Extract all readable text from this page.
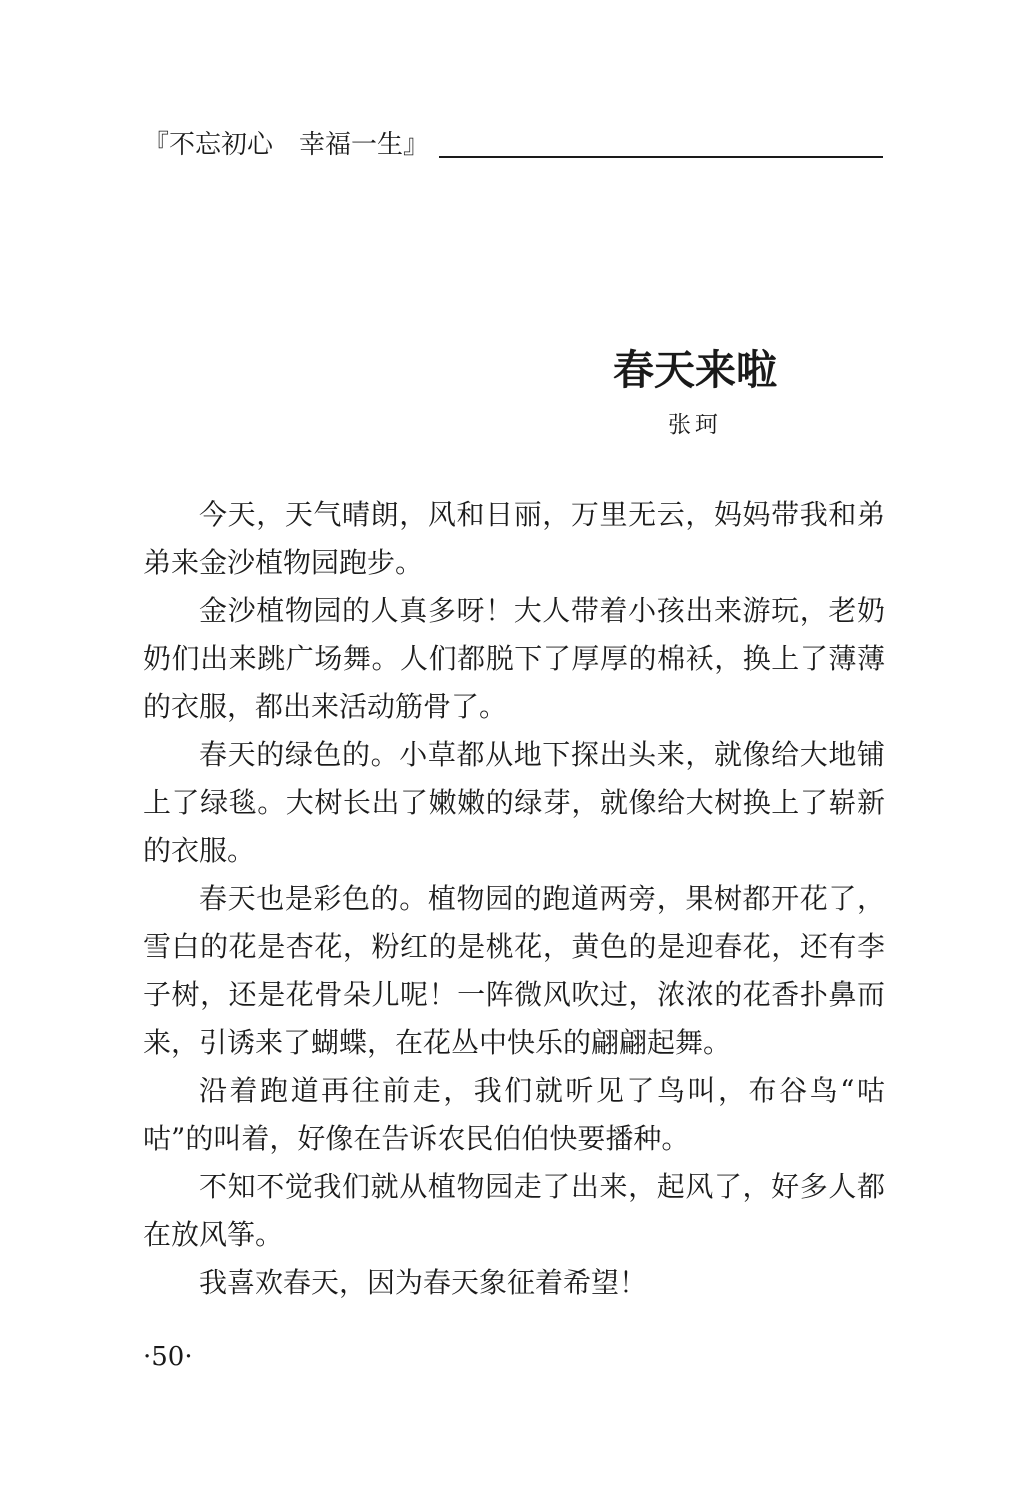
『不忘初心　幸福一生』
春天来啦
张珂

今天，天气晴朗，风和日丽，万里无云，妈妈带我和弟弟来金沙植物园跑步。

金沙植物园的人真多呀！大人带着小孩出来游玩，老奶奶们出来跳广场舞。人们都脱下了厚厚的棉袄，换上了薄薄的衣服，都出来活动筋骨了。

春天的绿色的。小草都从地下探出头来，就像给大地铺上了绿毯。大树长出了嫩嫩的绿芽，就像给大树换上了崭新的衣服。

春天也是彩色的。植物园的跑道两旁，果树都开花了，雪白的花是杏花，粉红的是桃花，黄色的是迎春花，还有李子树，还是花骨朵儿呢！一阵微风吹过，浓浓的花香扑鼻而来，引诱来了蝴蝶，在花丛中快乐的翩翩起舞。

沿着跑道再往前走，我们就听见了鸟叫，布谷鸟“咕咕”的叫着，好像在告诉农民伯伯快要播种。

不知不觉我们就从植物园走了出来，起风了，好多人都在放风筝。

我喜欢春天，因为春天象征着希望！

·50·
